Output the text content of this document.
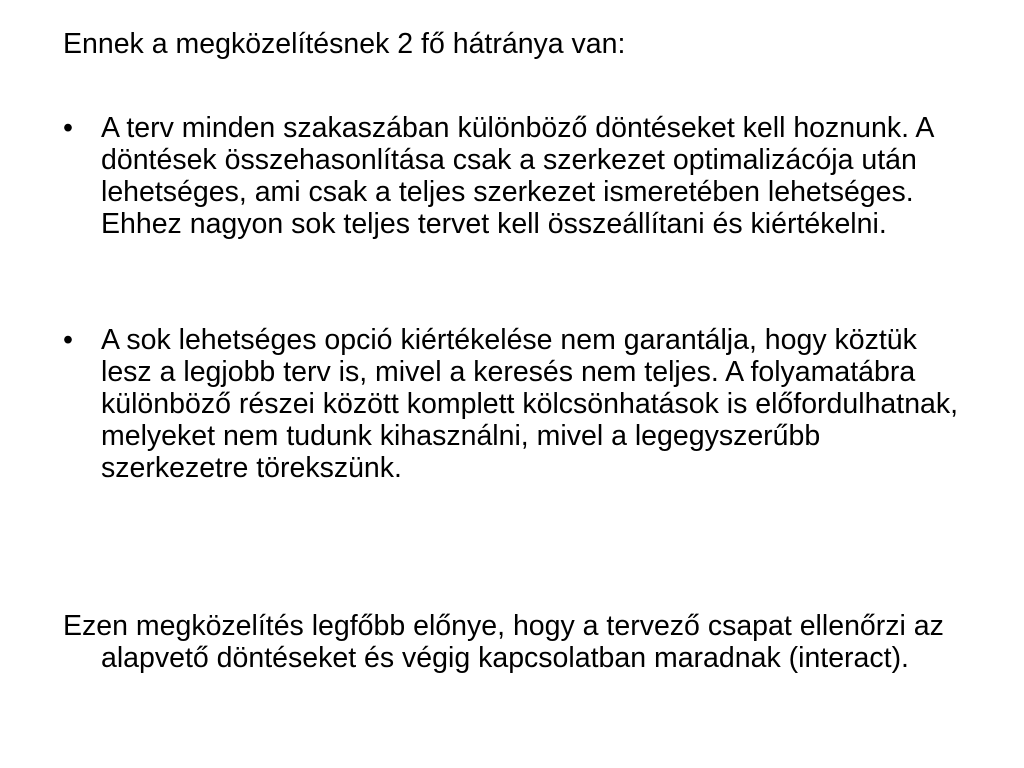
Ennek a megközelítésnek 2 fő hátránya van:

• A terv minden szakaszában különböző döntéseket kell hoznunk. A döntések összehasonlítása csak a szerkezet optimalizácója után lehetséges, ami csak a teljes szerkezet ismeretében lehetséges. Ehhez nagyon sok teljes tervet kell összeállítani és kiértékelni.
• A sok lehetséges opció kiértékelése nem garantálja, hogy köztük lesz a legjobb terv is, mivel a keresés nem teljes. A folyamatábra különböző részei között komplett kölcsönhatások is előfordulhatnak, melyeket nem tudunk kihasználni, mivel a legegyszerűbb szerkezetre törekszünk.

Ezen megközelítés legfőbb előnye, hogy a tervező csapat ellenőrzi az alapvető döntéseket és végig kapcsolatban maradnak (interact).
